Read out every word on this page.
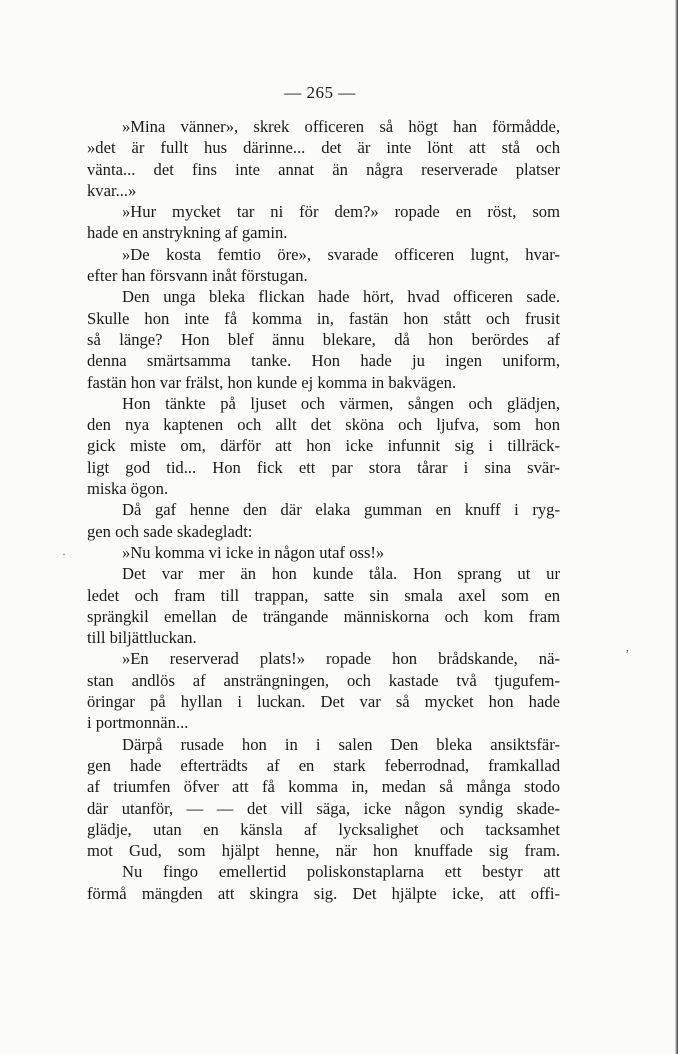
— 265 —
»Mina vänner», skrek officeren så högt han förmådde,
»det är fullt hus därinne... det är inte lönt att stå och
vänta... det fins inte annat än några reserverade platser
kvar...»
»Hur mycket tar ni för dem?» ropade en röst, som
hade en anstrykning af gamin.
»De kosta femtio öre», svarade officeren lugnt, hvar-
efter han försvann inåt förstugan.
Den unga bleka flickan hade hört, hvad officeren sade.
Skulle hon inte få komma in, fastän hon stått och frusit
så länge? Hon blef ännu blekare, då hon berördes af
denna smärtsamma tanke. Hon hade ju ingen uniform,
fastän hon var frälst, hon kunde ej komma in bakvägen.
Hon tänkte på ljuset och värmen, sången och glädjen,
den nya kaptenen och allt det sköna och ljufva, som hon
gick miste om, därför att hon icke infunnit sig i tillräck-
ligt god tid... Hon fick ett par stora tårar i sina svär-
miska ögon.
Då gaf henne den där elaka gumman en knuff i ryg-
gen och sade skadegladt:
»Nu komma vi icke in någon utaf oss!»
Det var mer än hon kunde tåla. Hon sprang ut ur
ledet och fram till trappan, satte sin smala axel som en
sprängkil emellan de trängande människorna och kom fram
till biljättluckan.
»En reserverad plats!» ropade hon brådskande, nä-
stan andlös af ansträngningen, och kastade två tjugufem-
öringar på hyllan i luckan. Det var så mycket hon hade
i portmonnän...
Därpå rusade hon in i salen Den bleka ansiktsfär-
gen hade efterträdts af en stark feberrodnad, framkallad
af triumfen öfver att få komma in, medan så många stodo
där utanför, — — det vill säga, icke någon syndig skade-
glädje, utan en känsla af lycksalighet och tacksamhet
mot Gud, som hjälpt henne, när hon knuffade sig fram.
Nu fingo emellertid poliskonstaplarna ett bestyr att
förmå mängden att skingra sig. Det hjälpte icke, att offi-
·
,
